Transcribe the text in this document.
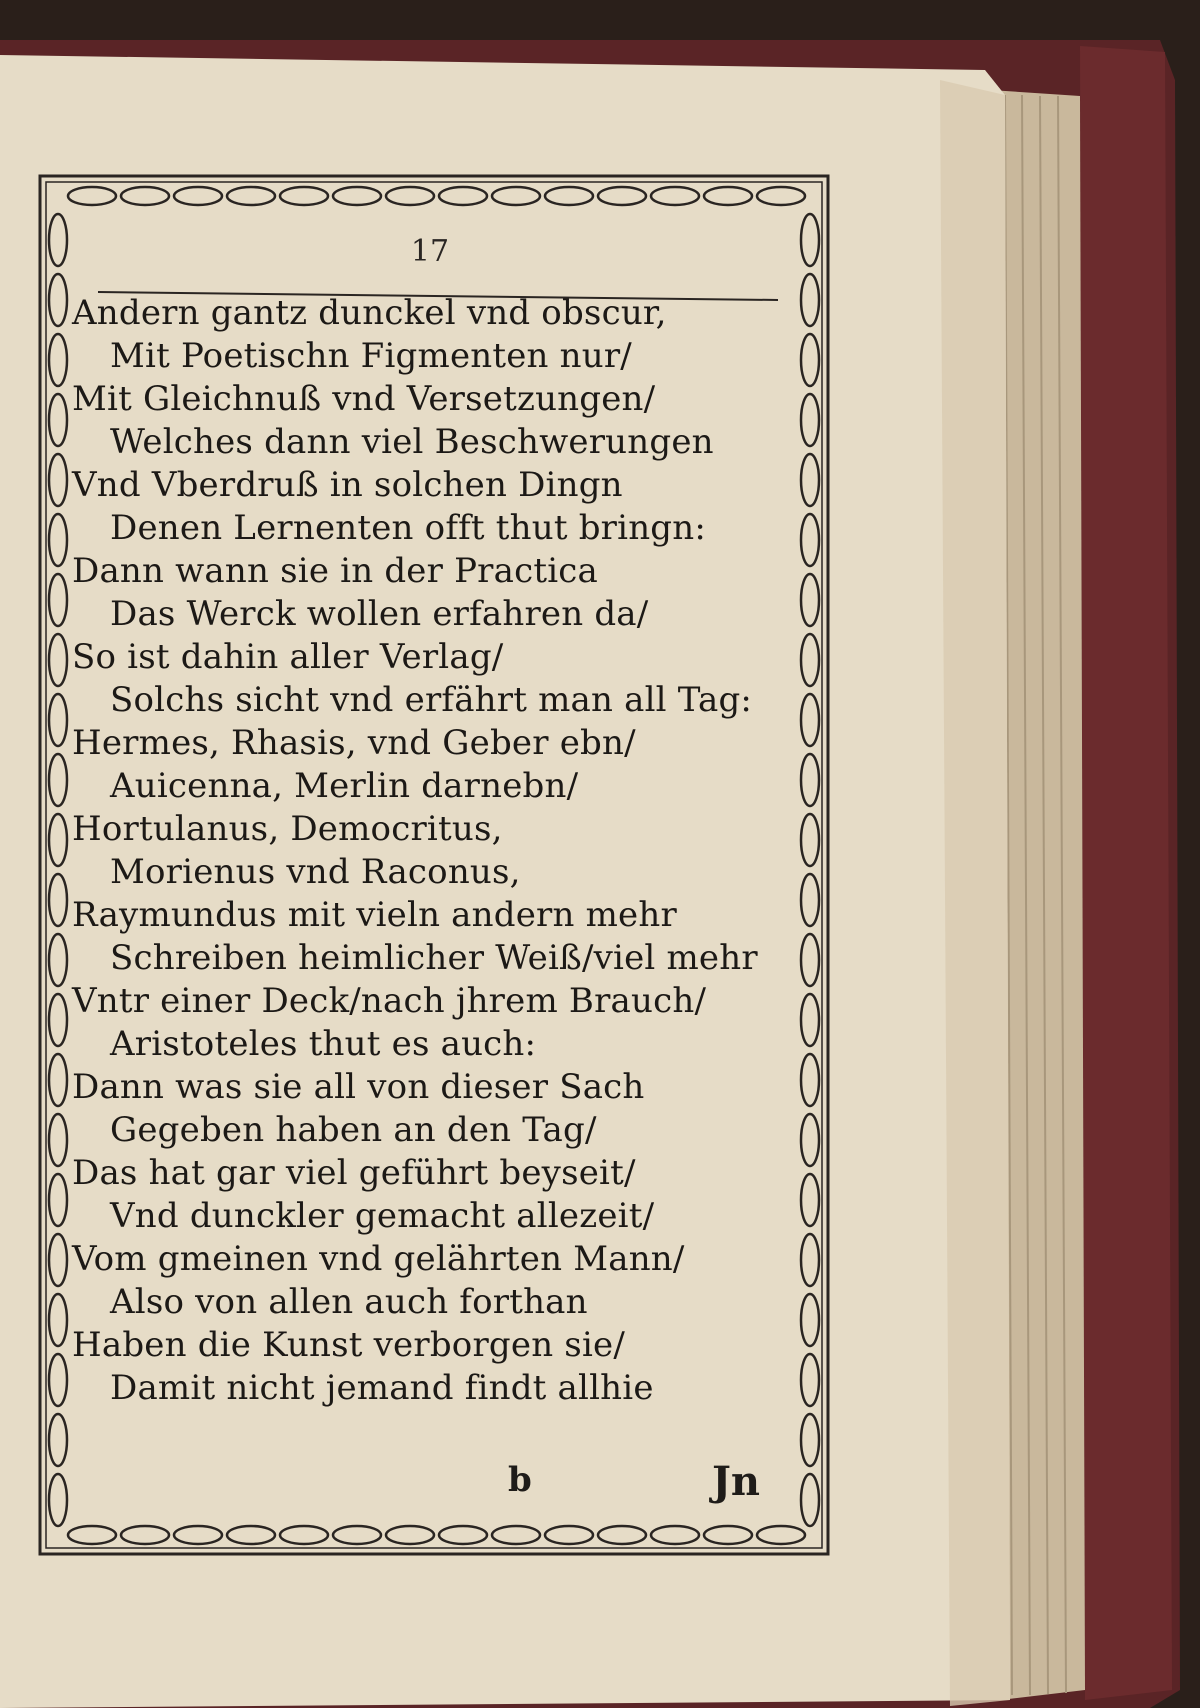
17
Andern gantz dunckel vnd obscur,
Mit Poetischn Figmenten nur/
Mit Gleichnuß vnd Versetzungen/
Welches dann viel Beschwerungen
Vnd Vberdruß in solchen Dingn
Denen Lernenten offt thut bringn:
Dann wann sie in der Practica
Das Werck wollen erfahren da/
So ist dahin aller Verlag/
Solchs sicht vnd erfährt man all Tag:
Hermes, Rhasis, vnd Geber ebn/
Auicenna, Merlin darnebn/
Hortulanus, Democritus,
Morienus vnd Raconus,
Raymundus mit vieln andern mehr
Schreiben heimlicher Weiß/viel mehr
Vntr einer Deck/nach jhrem Brauch/
Aristoteles thut es auch:
Dann was sie all von dieser Sach
Gegeben haben an den Tag/
Das hat gar viel geführt beyseit/
Vnd dunckler gemacht allezeit/
Vom gmeinen vnd gelährten Mann/
Also von allen auch forthan
Haben die Kunst verborgen sie/
Damit nicht jemand findt allhie
b	Jn
